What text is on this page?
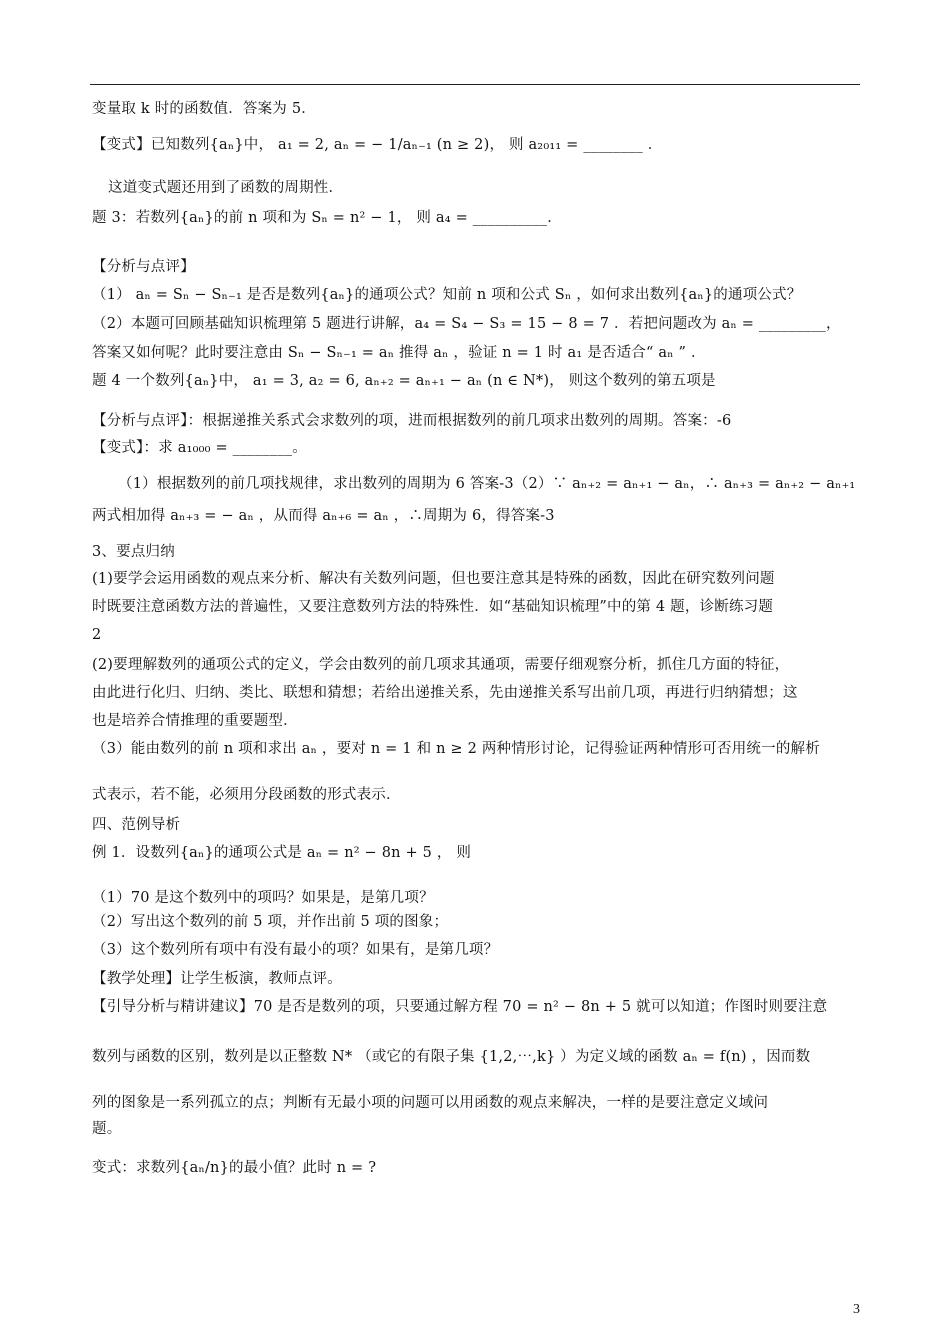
变量取 k 时的函数值．答案为 5．
【变式】已知数列{aₙ}中， a₁ = 2, aₙ = − 1/aₙ₋₁ (n ≥ 2)， 则 a₂₀₁₁ = ________ ．
这道变式题还用到了函数的周期性．
题 3：若数列{aₙ}的前 n 项和为 Sₙ = n² − 1， 则 a₄ = __________．
【分析与点评】
（1） aₙ = Sₙ − Sₙ₋₁ 是否是数列{aₙ}的通项公式？知前 n 项和公式 Sₙ ，如何求出数列{aₙ}的通项公式？
（2）本题可回顾基础知识梳理第 5 题进行讲解，a₄ = S₄ − S₃ = 15 − 8 = 7 ．若把问题改为 aₙ = _________，
答案又如何呢？此时要注意由 Sₙ − Sₙ₋₁ = aₙ 推得 aₙ ，验证 n = 1 时 a₁ 是否适合“ aₙ ” ．
题 4 一个数列{aₙ}中， a₁ = 3, a₂ = 6, aₙ₊₂ = aₙ₊₁ − aₙ (n ∈ N*)， 则这个数列的第五项是
【分析与点评】：根据递推关系式会求数列的项，进而根据数列的前几项求出数列的周期。答案：-6
【变式】：求 a₁₀₀₀ = ________。
（1）根据数列的前几项找规律，求出数列的周期为 6 答案-3（2）∵ aₙ₊₂ = aₙ₊₁ − aₙ，∴ aₙ₊₃ = aₙ₊₂ − aₙ₊₁
两式相加得 aₙ₊₃ = − aₙ ，从而得 aₙ₊₆ = aₙ ，∴周期为 6，得答案-3
3、要点归纳
(1)要学会运用函数的观点来分析、解决有关数列问题，但也要注意其是特殊的函数，因此在研究数列问题
时既要注意函数方法的普遍性，又要注意数列方法的特殊性．如“基础知识梳理”中的第 4 题，诊断练习题
2
(2)要理解数列的通项公式的定义，学会由数列的前几项求其通项，需要仔细观察分析，抓住几方面的特征，
由此进行化归、归纳、类比、联想和猜想；若给出递推关系，先由递推关系写出前几项，再进行归纳猜想；这
也是培养合情推理的重要题型．
（3）能由数列的前 n 项和求出 aₙ ，要对 n = 1 和 n ≥ 2 两种情形讨论，记得验证两种情形可否用统一的解析
式表示，若不能，必须用分段函数的形式表示．
四、范例导析
例 1．设数列{aₙ}的通项公式是 aₙ = n² − 8n + 5 ， 则
（1）70 是这个数列中的项吗？如果是，是第几项？
（2）写出这个数列的前 5 项，并作出前 5 项的图象；
（3）这个数列所有项中有没有最小的项？如果有，是第几项？
【教学处理】让学生板演，教师点评。
【引导分析与精讲建议】70 是否是数列的项，只要通过解方程 70 = n² − 8n + 5 就可以知道；作图时则要注意
数列与函数的区别，数列是以正整数 N* （或它的有限子集 {1,2,⋯,k} ）为定义域的函数 aₙ = f(n) ，因而数
列的图象是一系列孤立的点；判断有无最小项的问题可以用函数的观点来解决，一样的是要注意定义域问
题。
变式：求数列{aₙ/n}的最小值？此时 n = ?
3
